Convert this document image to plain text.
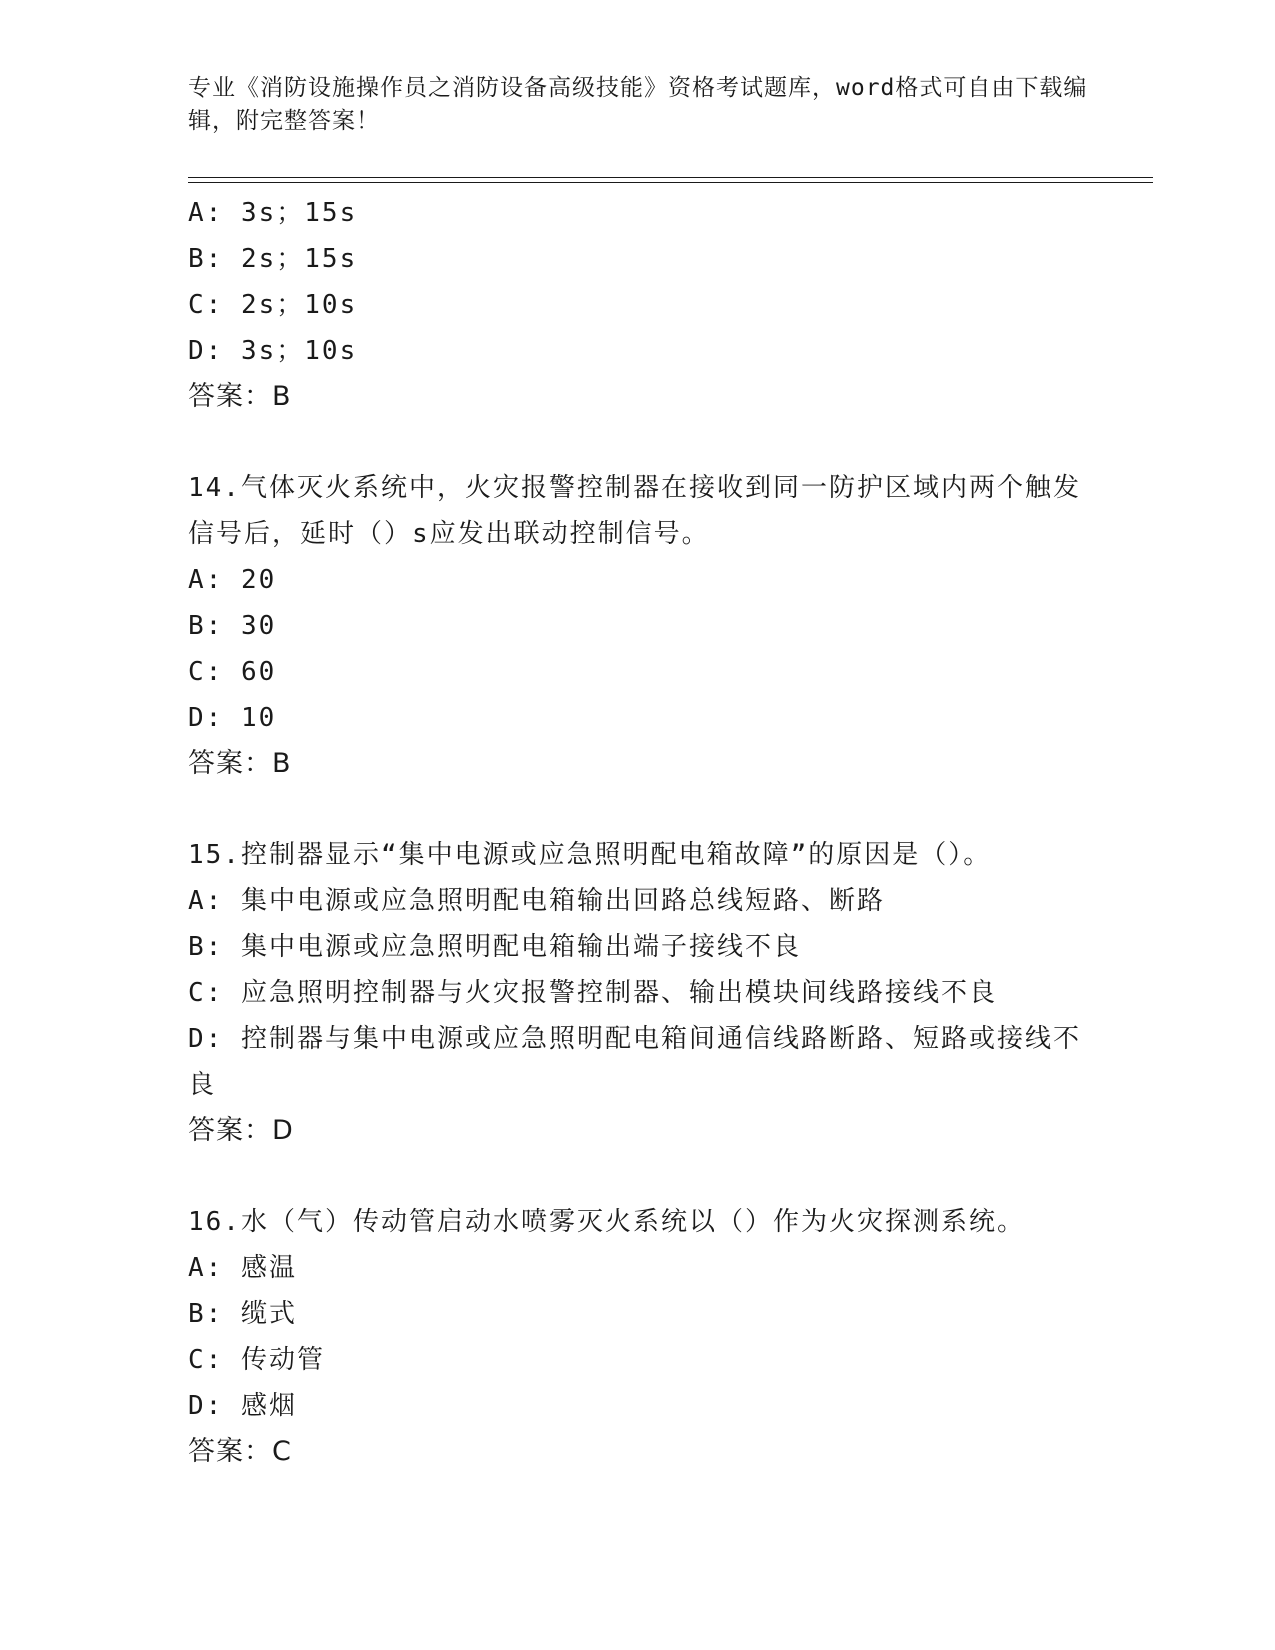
专业《消防设施操作员之消防设备高级技能》资格考试题库，word格式可自由下载编辑，附完整答案！
A: 3s；15s
B: 2s；15s
C: 2s；10s
D: 3s；10s
答案：B
14.气体灭火系统中，火灾报警控制器在接收到同一防护区域内两个触发信号后，延时（）s应发出联动控制信号。
A: 20
B: 30
C: 60
D: 10
答案：B
15.控制器显示“集中电源或应急照明配电箱故障”的原因是（）。
A: 集中电源或应急照明配电箱输出回路总线短路、断路
B: 集中电源或应急照明配电箱输出端子接线不良
C: 应急照明控制器与火灾报警控制器、输出模块间线路接线不良
D: 控制器与集中电源或应急照明配电箱间通信线路断路、短路或接线不良
答案：D
16.水（气）传动管启动水喷雾灭火系统以（）作为火灾探测系统。
A: 感温
B: 缆式
C: 传动管
D: 感烟
答案：C
